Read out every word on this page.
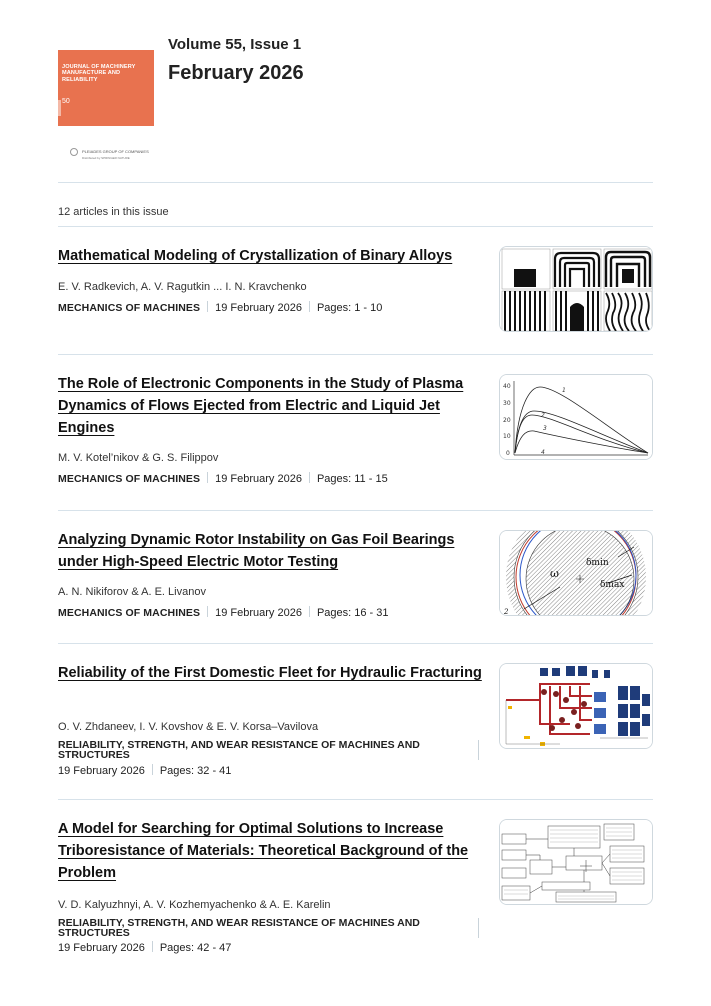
JOURNAL OF MACHINERY MANUFACTURE AND RELIABILITY
50
PLEIADES GROUP OF COMPANIES
Distributed by SPRINGER NATURE
Volume 55, Issue 1
February 2026
12 articles in this issue
Mathematical Modeling of Crystallization of Binary Alloys
E. V. Radkevich, A. V. Ragutkin ... I. N. Kravchenko
MECHANICS OF MACHINES 19 February 2026 Pages: 1 - 10
The Role of Electronic Components in the Study of Plasma Dynamics of Flows Ejected from Electric and Liquid Jet Engines
M. V. Kotel’nikov & G. S. Filippov
MECHANICS OF MACHINES 19 February 2026 Pages: 11 - 15
40
30
20
10
0
1
2
3
4
Analyzing Dynamic Rotor Instability on Gas Foil Bearings under High-Speed Electric Motor Testing
A. N. Nikiforov & A. E. Livanov
MECHANICS OF MACHINES 19 February 2026 Pages: 16 - 31
ω
δmin
δmax
2
Reliability of the First Domestic Fleet for Hydraulic Fracturing
O. V. Zhdaneev, I. V. Kovshov & E. V. Korsa–Vavilova
RELIABILITY, STRENGTH, AND WEAR RESISTANCE OF MACHINES AND STRUCTURES
19 February 2026 Pages: 32 - 41
A Model for Searching for Optimal Solutions to Increase Triboresistance of Materials: Theoretical Background of the Problem
V. D. Kalyuzhnyi, A. V. Kozhemyachenko & A. E. Karelin
RELIABILITY, STRENGTH, AND WEAR RESISTANCE OF MACHINES AND STRUCTURES
19 February 2026 Pages: 42 - 47
